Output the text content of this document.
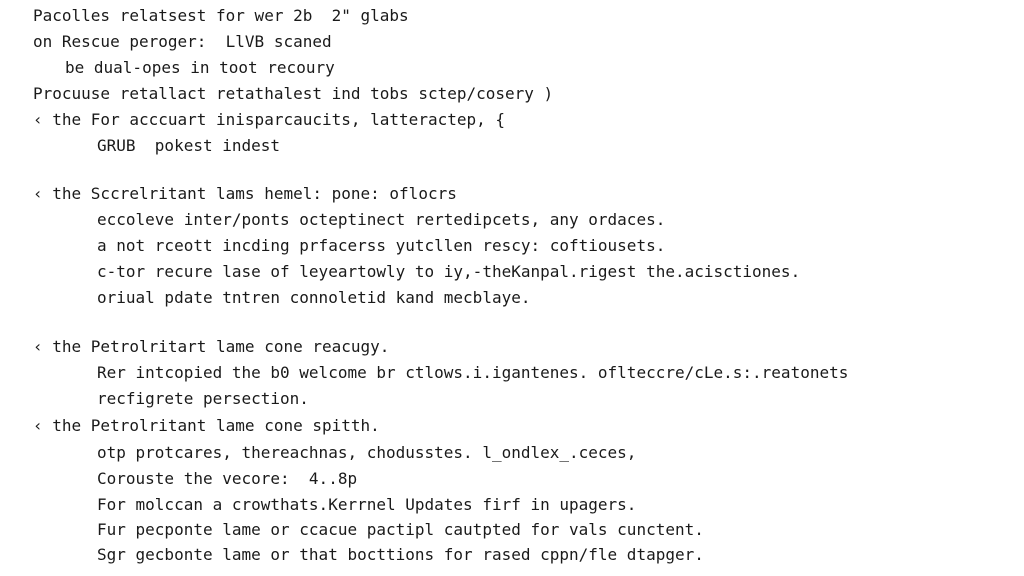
Pacolles relatsest for wer 2b  2" glabs
on Rescue peroger:  LlVB scaned
be dual-opes in toot recoury
Procuuse retallact retathalest ind tobs sctep/cosery )
‹ the For acccuart inisparcaucits, latteractep, {
GRUB  pokest indest
‹ the Sccrelritant lams hemel: pone: oflocrs
eccoleve inter/ponts octeptinect rertedipcets, any ordaces.
a not rceott incding prfacerss yutcllen rescy: coftiousets.
c-tor recure lase of leyeartowly to iy,-theKanpal.rigest the.acisctiones.
oriual pdate tntren connoletid kand mecblaye.
‹ the Petrolritart lame cone reacugy.
Rer intcopied the b0 welcome br ctlows.i.igantenes. oflteccre/cLe.s:.reatonets
recfigrete persection.
‹ the Petrolritant lame cone spitth.
otp protcares, thereachnas, chodusstes. l_ondlex_.ceces,
Corouste the vecore:  4..8p
For molccan a crowthats.Kerrnel Updates firf in upagers.
Fur pecponte lame or ccacue pactipl cautpted for vals cunctent.
Sgr gecbonte lame or that bocttions for rased cppn/fle dtapger.
